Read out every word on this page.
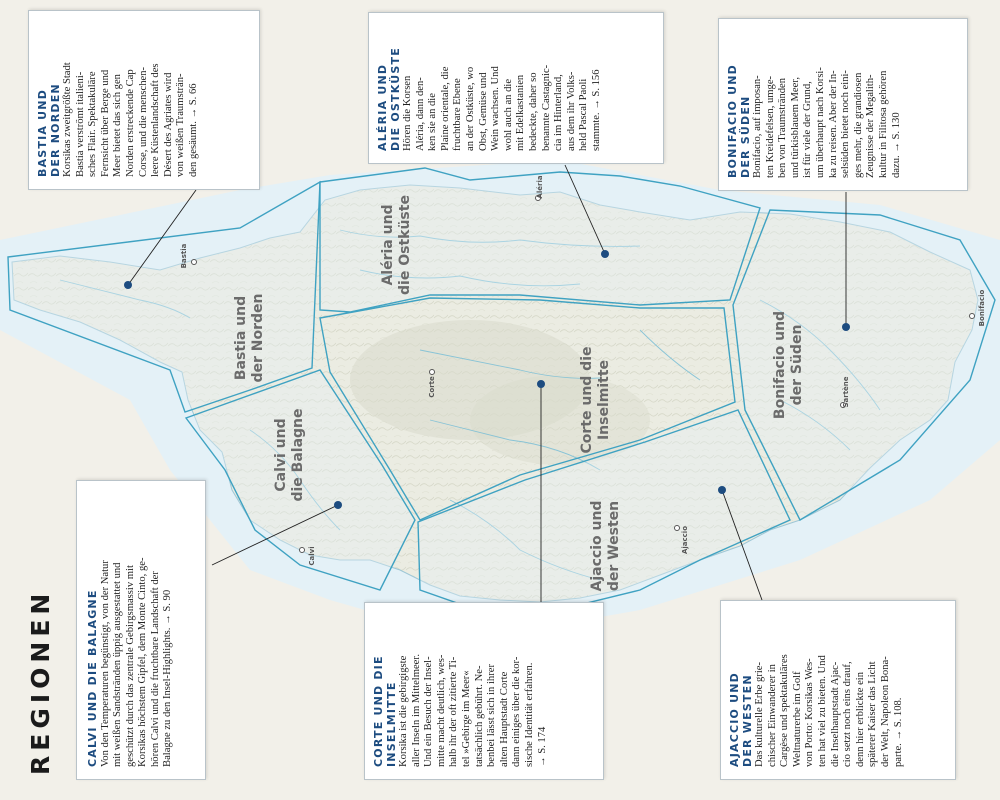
Bastia
Aléria
Corte
Calvi
Ajaccio
Sartène
Bonifacio
Bastia und
der Norden
Aléria und
die Ostküste
Corte und die
Inselmitte
Calvi und
die Balagne
Ajaccio und
der Westen
Bonifacio und
der Süden
REGIONEN
BASTIA UND
DER NORDEN
Korsikas zweitgrößte Stadt
Bastia verströmt italieni-
sches Flair. Spektakuläre
Fernsicht über Berge und
Meer bietet das sich gen
Norden erstreckende Cap
Corse, und die menschen-
leere Küstenlandschaft des
Désert des Agriates wird
von weißen Traumsträn-
den gesäumt. → S. 66
ALÉRIA UND
DIE OSTKÜSTE
Hören die Korsen
Aléria, dann den-
ken sie an die
Plaine orientale, die
fruchtbare Ebene
an der Ostküste, wo
Obst, Gemüse und
Wein wachsen. Und
wohl auch an die
mit Edelkastanien
bedeckte, daher so
benannte Castagnic-
cia im Hinterland,
aus dem ihr Volks-
held Pascal Paoli
stammte. → S. 156
BONIFACIO UND
DER SÜDEN
Bonifacio, auf imposan-
ten Kreidefelsen, umge-
ben von Traumstränden
und türkisblauem Meer,
ist für viele der Grund,
um überhaupt nach Korsi-
ka zu reisen. Aber der In-
selsüden bietet noch eini-
ges mehr, die grandiosen
Zeugnisse der Megalith-
kultur in Filitosa gehören
dazu. → S. 130
CALVI UND DIE BALAGNE Von den Temperaturen begünstigt, von der Natur
mit weißen Sandstränden üppig ausgestattet und
geschützt durch das zentrale Gebirgsmassiv mit
Korsikas höchstem Gipfel, dem Monte Cinto, ge-
hören Calvi und die fruchtbare Landschaft der
Balagne zu den Insel-Highlights. → S. 90
CORTE UND DIE
INSELMITTE Korsika ist die gebirgigste
aller Inseln im Mittelmeer.
Und ein Besuch der Insel-
mitte macht deutlich, wes-
halb ihr der oft zitierte Ti-
tel »Gebirge im Meer«
tatsächlich gebührt. Ne-
benbei lässt sich in ihrer
alten Hauptstadt Corte
dann einiges über die kor-
sische Identität erfahren.
→ S. 174	AJACCIO UND
DER WESTEN
Das kulturelle Erbe grie-
chischer Einwanderer in
Cargèse und spektakuläres
Weltnaturerbe im Golf
von Porto: Korsikas Wes-
ten hat viel zu bieten. Und
die Inselhauptstadt Ajac-
cio setzt noch eins drauf,
denn hier erblickte ein
späterer Kaiser das Licht
der Welt, Napoleon Bona-
parte. → S. 108.
